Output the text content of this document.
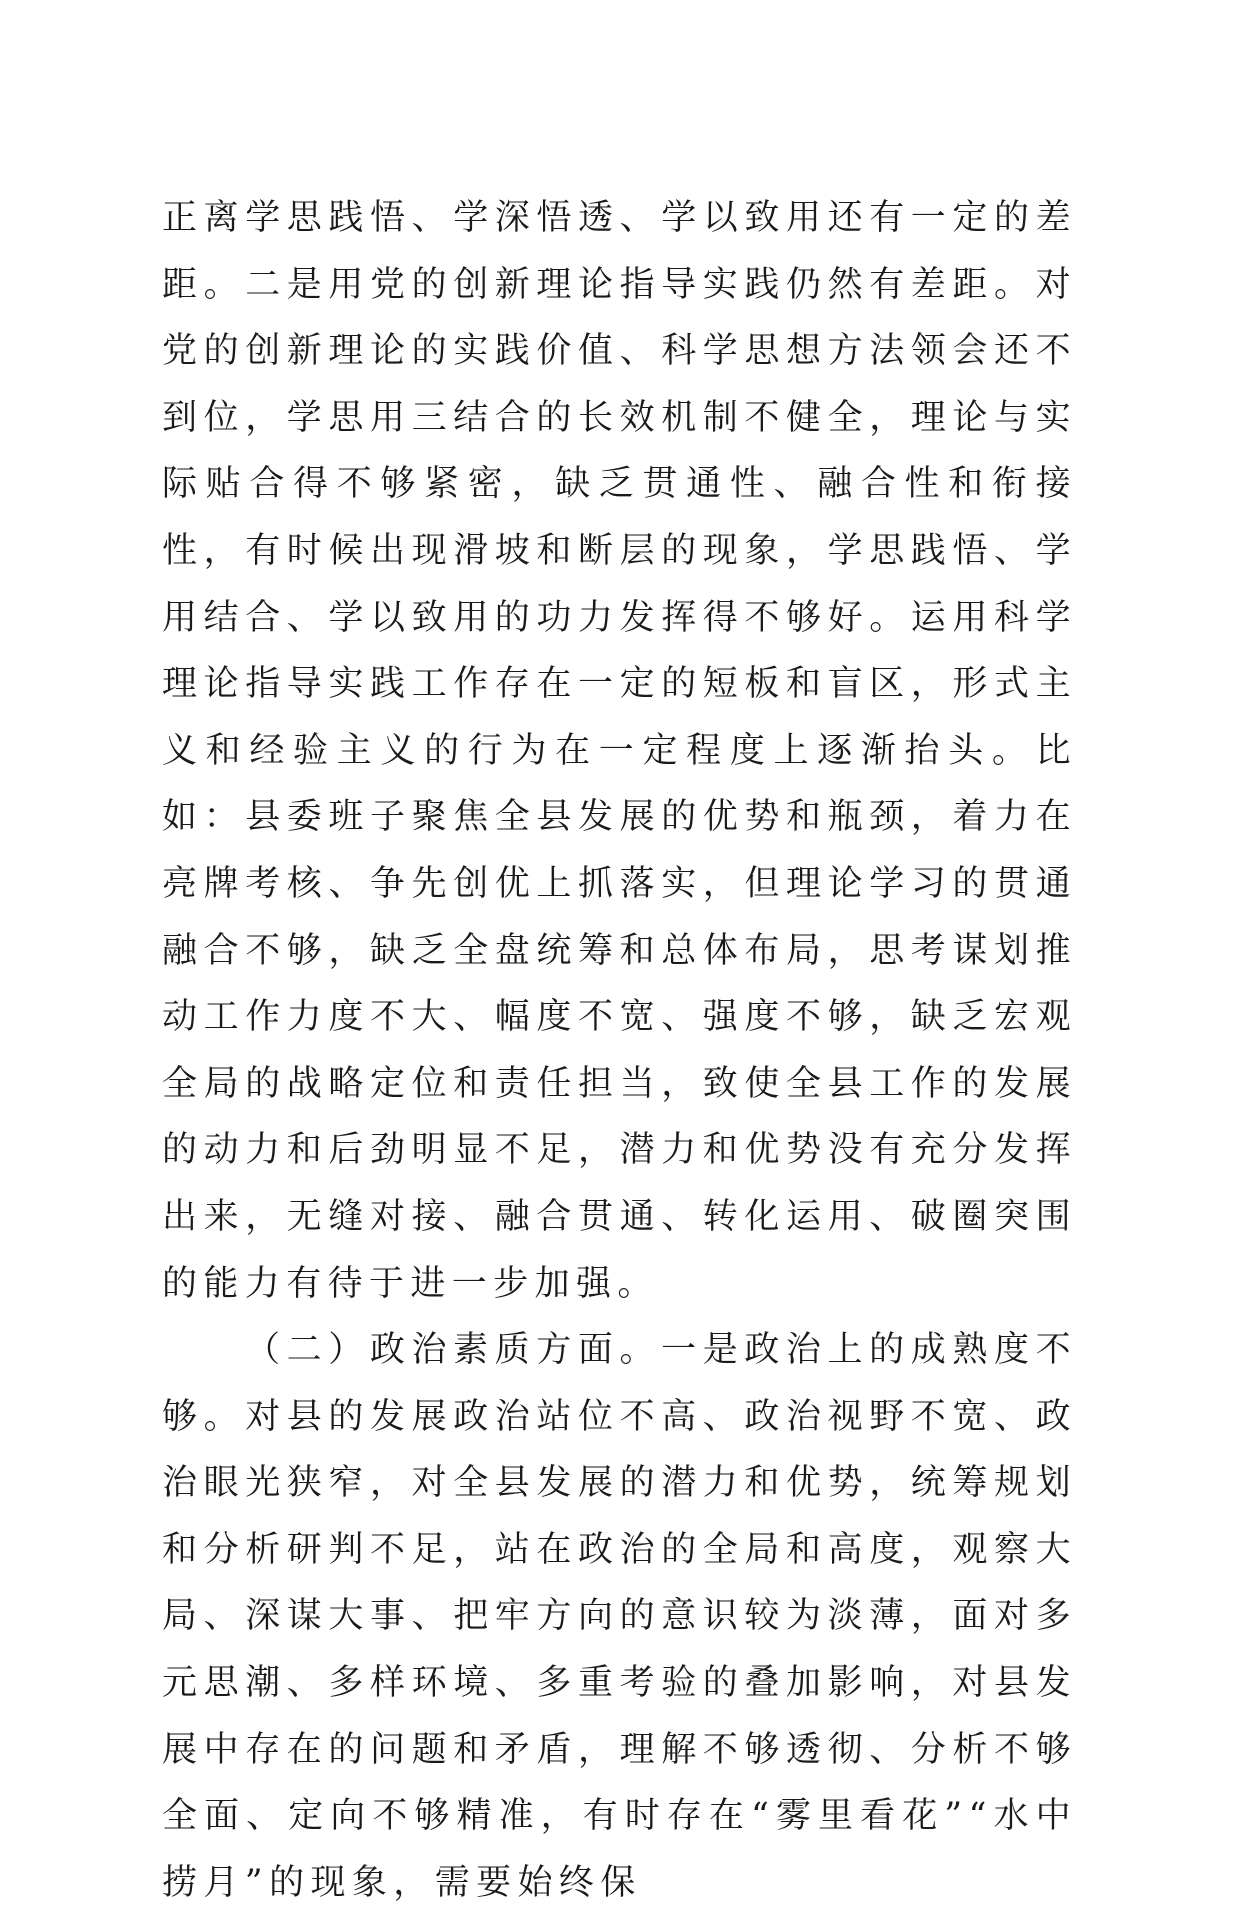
正离学思践悟、学深悟透、学以致用还有一定的差距。二是用党的创新理论指导实践仍然有差距。对党的创新理论的实践价值、科学思想方法领会还不到位，学思用三结合的长效机制不健全，理论与实际贴合得不够紧密，缺乏贯通性、融合性和衔接性，有时候出现滑坡和断层的现象，学思践悟、学用结合、学以致用的功力发挥得不够好。运用科学理论指导实践工作存在一定的短板和盲区，形式主义和经验主义的行为在一定程度上逐渐抬头。比如：县委班子聚焦全县发展的优势和瓶颈，着力在亮牌考核、争先创优上抓落实，但理论学习的贯通融合不够，缺乏全盘统筹和总体布局，思考谋划推动工作力度不大、幅度不宽、强度不够，缺乏宏观全局的战略定位和责任担当，致使全县工作的发展的动力和后劲明显不足，潜力和优势没有充分发挥出来，无缝对接、融合贯通、转化运用、破圈突围的能力有待于进一步加强。

（二）政治素质方面。一是政治上的成熟度不够。对县的发展政治站位不高、政治视野不宽、政治眼光狭窄，对全县发展的潜力和优势，统筹规划和分析研判不足，站在政治的全局和高度，观察大局、深谋大事、把牢方向的意识较为淡薄，面对多元思潮、多样环境、多重考验的叠加影响，对县发展中存在的问题和矛盾，理解不够透彻、分析不够全面、定向不够精准，有时存在“雾里看花”“水中捞月”的现象，需要始终保
